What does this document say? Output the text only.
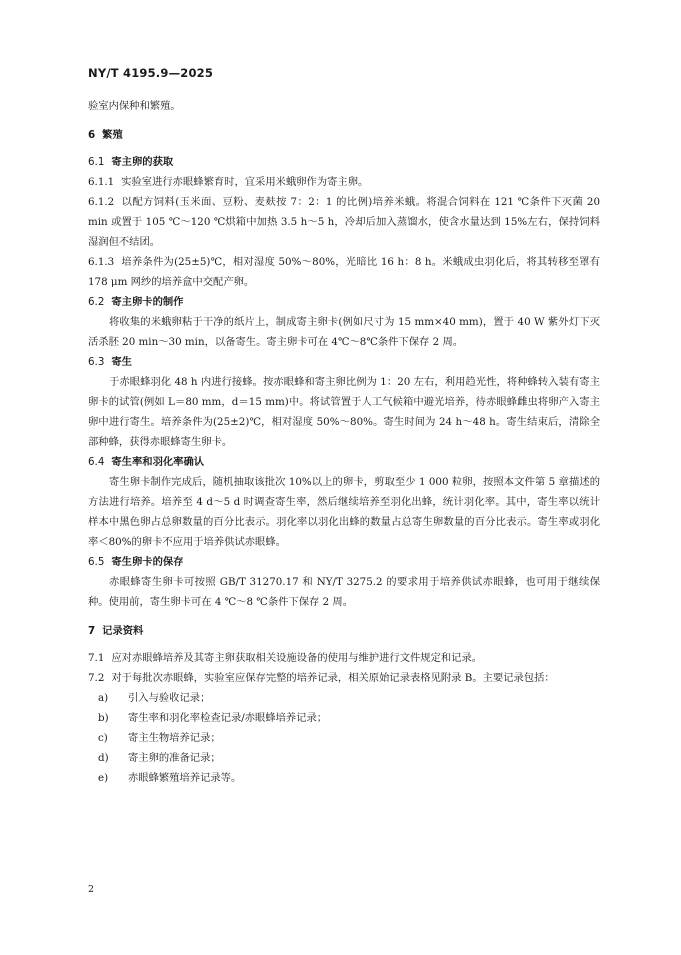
NY/T 4195.9—2025

验室内保种和繁殖。

6 繁殖

6.1 寄主卵的获取

6.1.1 实验室进行赤眼蜂繁育时，宜采用米蛾卵作为寄主卵。

6.1.2 以配方饲料(玉米面、豆粉、麦麸按 7：2：1 的比例)培养米蛾。将混合饲料在 121 ℃条件下灭菌 20 min 或置于 105 ℃～120 ℃烘箱中加热 3.5 h～5 h，冷却后加入蒸馏水，使含水量达到 15%左右，保持饲料湿润但不结团。

6.1.3 培养条件为(25±5)℃，相对湿度 50%～80%，光暗比 16 h：8 h。米蛾成虫羽化后，将其转移至罩有 178 μm 网纱的培养盒中交配产卵。

6.2 寄主卵卡的制作

将收集的米蛾卵粘于干净的纸片上，制成寄主卵卡(例如尺寸为 15 mm×40 mm)，置于 40 W 紫外灯下灭活杀胚 20 min～30 min，以备寄生。寄主卵卡可在 4℃～8℃条件下保存 2 周。

6.3 寄生

于赤眼蜂羽化 48 h 内进行接蜂。按赤眼蜂和寄主卵比例为 1：20 左右，利用趋光性，将种蜂转入装有寄主卵卡的试管(例如 L＝80 mm，d＝15 mm)中。将试管置于人工气候箱中避光培养，待赤眼蜂雌虫将卵产入寄主卵中进行寄生。培养条件为(25±2)℃，相对湿度 50%～80%。寄生时间为 24 h～48 h。寄生结束后，清除全部种蜂，获得赤眼蜂寄生卵卡。

6.4 寄生率和羽化率确认

寄生卵卡制作完成后，随机抽取该批次 10%以上的卵卡，剪取至少 1 000 粒卵，按照本文件第 5 章描述的方法进行培养。培养至 4 d～5 d 时调查寄生率，然后继续培养至羽化出蜂，统计羽化率。其中，寄生率以统计样本中黑色卵占总卵数量的百分比表示。羽化率以羽化出蜂的数量占总寄生卵数量的百分比表示。寄生率或羽化率＜80%的卵卡不应用于培养供试赤眼蜂。

6.5 寄生卵卡的保存

赤眼蜂寄生卵卡可按照 GB/T 31270.17 和 NY/T 3275.2 的要求用于培养供试赤眼蜂，也可用于继续保种。使用前，寄生卵卡可在 4 ℃～8 ℃条件下保存 2 周。

7 记录资料

7.1 应对赤眼蜂培养及其寄主卵获取相关设施设备的使用与维护进行文件规定和记录。

7.2 对于每批次赤眼蜂，实验室应保存完整的培养记录，相关原始记录表格见附录 B。主要记录包括：

a) 引入与验收记录；

b) 寄生率和羽化率检查记录/赤眼蜂培养记录；

c) 寄主生物培养记录；

d) 寄主卵的准备记录；

e) 赤眼蜂繁殖培养记录等。

2
